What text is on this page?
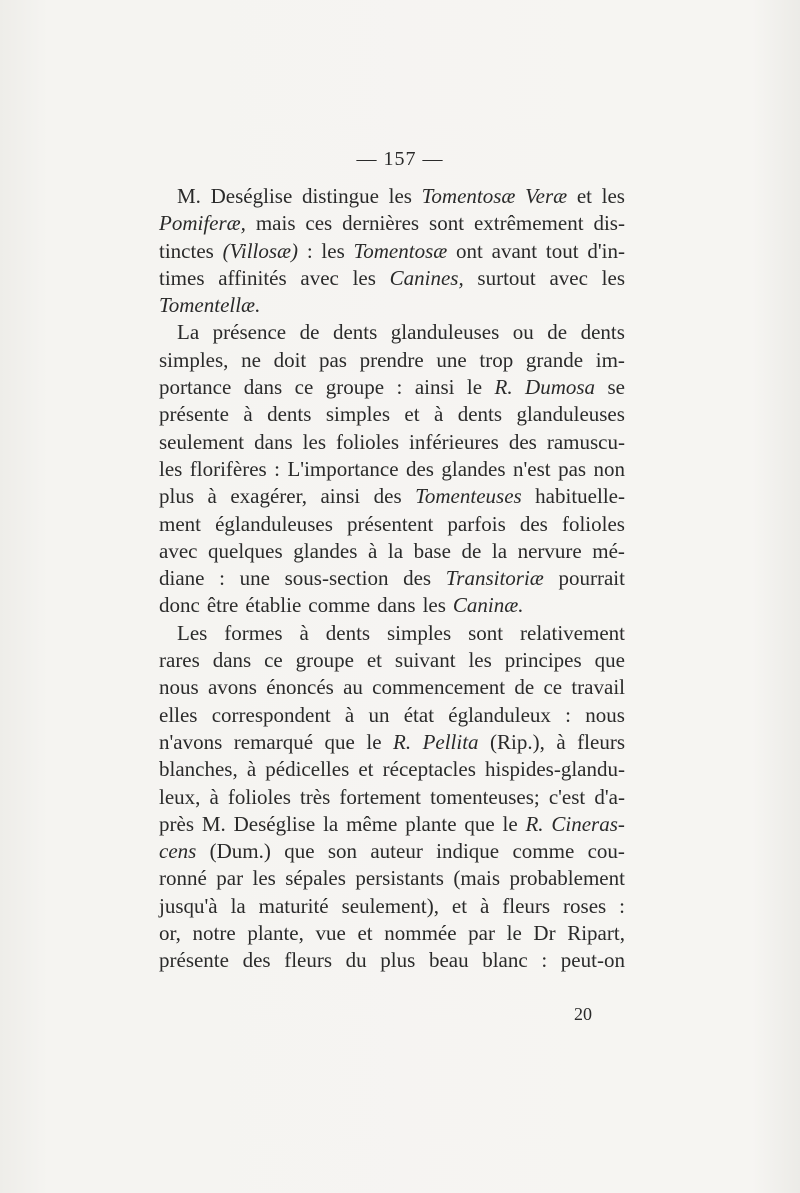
— 157 —
M. Deséglise distingue les Tomentosæ Veræ et les
Pomiferæ, mais ces dernières sont extrêmement dis-
tinctes (Villosæ) : les Tomentosæ ont avant tout d'in-
times affinités avec les Canines, surtout avec les
Tomentellæ.
La présence de dents glanduleuses ou de dents
simples, ne doit pas prendre une trop grande im-
portance dans ce groupe : ainsi le R. Dumosa se
présente à dents simples et à dents glanduleuses
seulement dans les folioles inférieures des ramuscu-
les florifères : L'importance des glandes n'est pas non
plus à exagérer, ainsi des Tomenteuses habituelle-
ment églanduleuses présentent parfois des folioles
avec quelques glandes à la base de la nervure mé-
diane : une sous-section des Transitoriæ pourrait
donc être établie comme dans les Caninæ.
Les formes à dents simples sont relativement
rares dans ce groupe et suivant les principes que
nous avons énoncés au commencement de ce travail
elles correspondent à un état églanduleux : nous
n'avons remarqué que le R. Pellita (Rip.), à fleurs
blanches, à pédicelles et réceptacles hispides-glandu-
leux, à folioles très fortement tomenteuses; c'est d'a-
près M. Deséglise la même plante que le R. Cineras-
cens (Dum.) que son auteur indique comme cou-
ronné par les sépales persistants (mais probablement
jusqu'à la maturité seulement), et à fleurs roses :
or, notre plante, vue et nommée par le Dr Ripart,
présente des fleurs du plus beau blanc : peut-on
20
